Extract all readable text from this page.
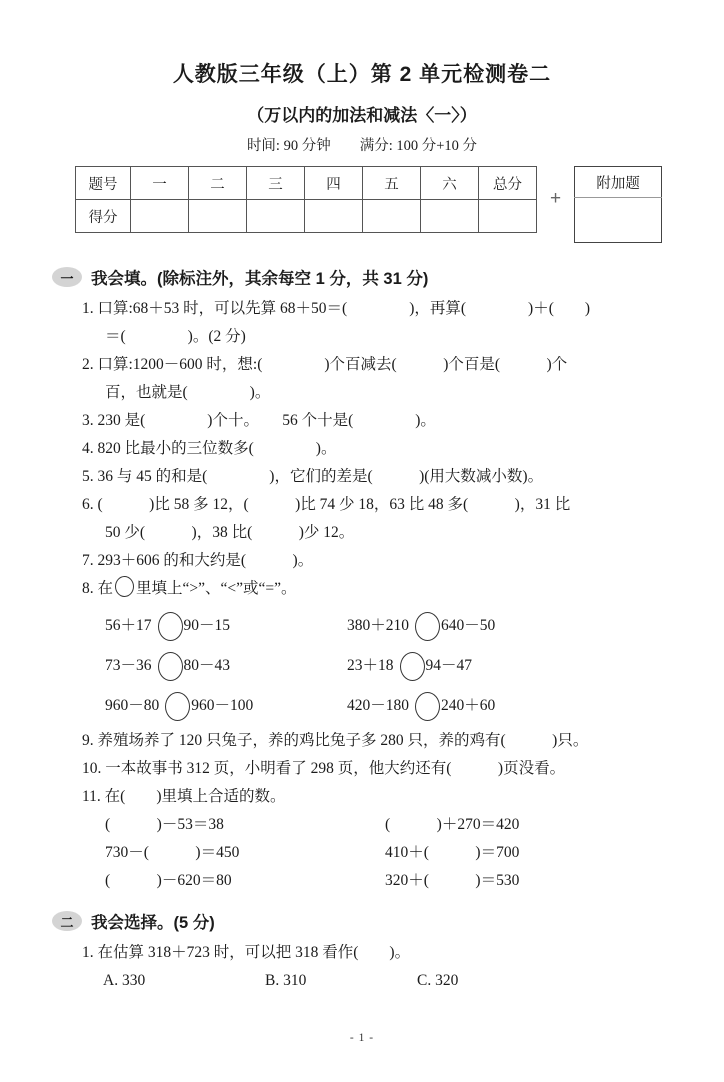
人教版三年级（上）第 2 单元检测卷二
（万以内的加法和减法〈一〉）
时间: 90 分钟　　满分: 100 分+10 分
题号	一	二	三	四	五	六	总分
得分							
+
附加题

一	我会填。(除标注外，其余每空 1 分，共 31 分)
1. 口算:68＋53 时，可以先算 68＋50＝(　　　　)，再算(　　　　)＋(　　)
＝(　　　　)。(2 分)
2. 口算:1200－600 时，想:(　　　　)个百减去(　　　)个百是(　　　)个
百，也就是(　　　　)。
3. 230 是(　　　　)个十。　　56 个十是(　　　　)。
4. 820 比最小的三位数多(　　　　)。
5. 36 与 45 的和是(　　　　)，它们的差是(　　　)(用大数减小数)。
6. (　　　)比 58 多 12，(　　　)比 74 少 18，63 比 48 多(　　　)，31 比
50 少(　　　)，38 比(　　　)少 12。
7. 293＋606 的和大约是(　　　)。
8. 在 里填上“>”、“<”或“=”。
56＋17 90－15	380＋210 640－50
73－36 80－43	23＋18 94－47
960－80 960－100	420－180 240＋60
9. 养殖场养了 120 只兔子，养的鸡比兔子多 280 只，养的鸡有(　　　)只。
10. 一本故事书 312 页，小明看了 298 页，他大约还有(　　　)页没看。
11. 在(　　)里填上合适的数。
(　　　)－53＝38	(　　　)＋270＝420
730－(　　　)＝450	410＋(　　　)＝700
(　　　)－620＝80	320＋(　　　)＝530
二	我会选择。(5 分)
1. 在估算 318＋723 时，可以把 318 看作(　　)。
A. 330	B. 310	C. 320
- 1 -
